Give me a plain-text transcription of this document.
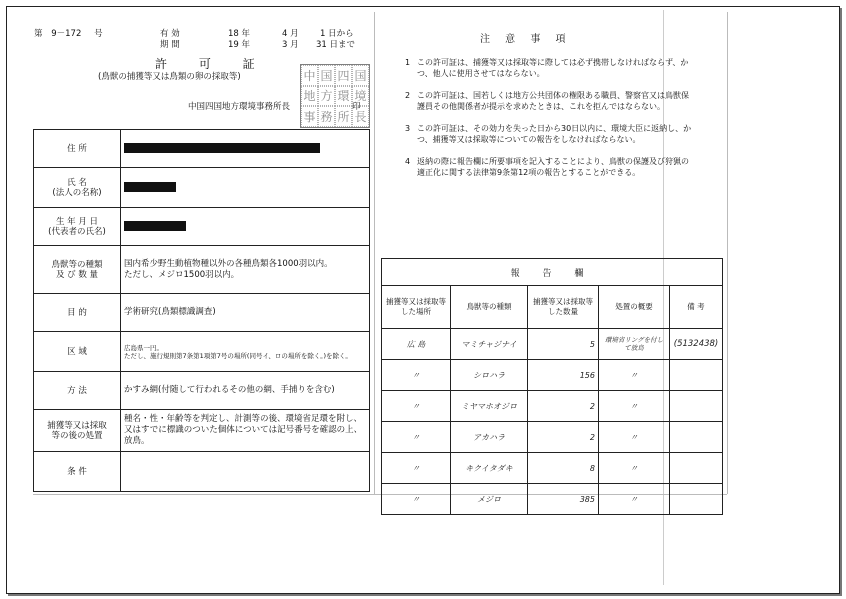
第 9－172 号	有 効
期 間
18 年	4 月	1 日から
19 年	3 月 31 日まで
許 可 証
(鳥獣の捕獲等又は鳥類の卵の採取等)
中国四国地方環境事務所長	印
中 国 四 国
地 方 環 境
事 務 所 長
住 所	
氏 名
(法人の名称)	
生 年 月 日
(代表者の氏名)	
鳥獣等の種類
及 び 数 量	国内希少野生動植物種以外の各種鳥類各1000羽以内。
ただし、メジロ1500羽以内。
目 的	学術研究(鳥類標識調査)
区 域	広島県一円。
ただし、施行規則第7条第1項第7号の場所(同号イ、ロの場所を除く。)を除く。
方 法	かすみ網(付随して行われるその他の網、手捕りを含む)
捕獲等又は採取
等の後の処置	種名・性・年齢等を判定し、計測等の後、環境省足環を附し、又はすでに標識のついた個体については記号番号を確認の上、放鳥。
条 件	
注 意 事 項
1 この許可証は、捕獲等又は採取等に際しては必ず携帯しなければならず、かつ、他人に使用させてはならない。
2 この許可証は、国若しくは地方公共団体の権限ある職員、警察官又は鳥獣保護員その他関係者が提示を求めたときは、これを拒んではならない。
3 この許可証は、その効力を失った日から30日以内に、環境大臣に返納し、かつ、捕獲等又は採取等についての報告をしなければならない。
4 返納の際に報告欄に所要事項を記入することにより、鳥獣の保護及び狩猟の適正化に関する法律第9条第12項の報告とすることができる。
報 告 欄				
捕獲等又は採取等した場所	鳥獣等の種類	捕獲等又は採取等した数量	処置の概要	備 考
広 島	マミチャジナイ	5	環境省リングを付して放鳥	(5132438)
〃	シロハラ	156	〃	
〃	ミヤマホオジロ	2	〃	
〃	アカハラ	2	〃	
〃	キクイタダキ	8	〃	
〃	メジロ	385	〃	
